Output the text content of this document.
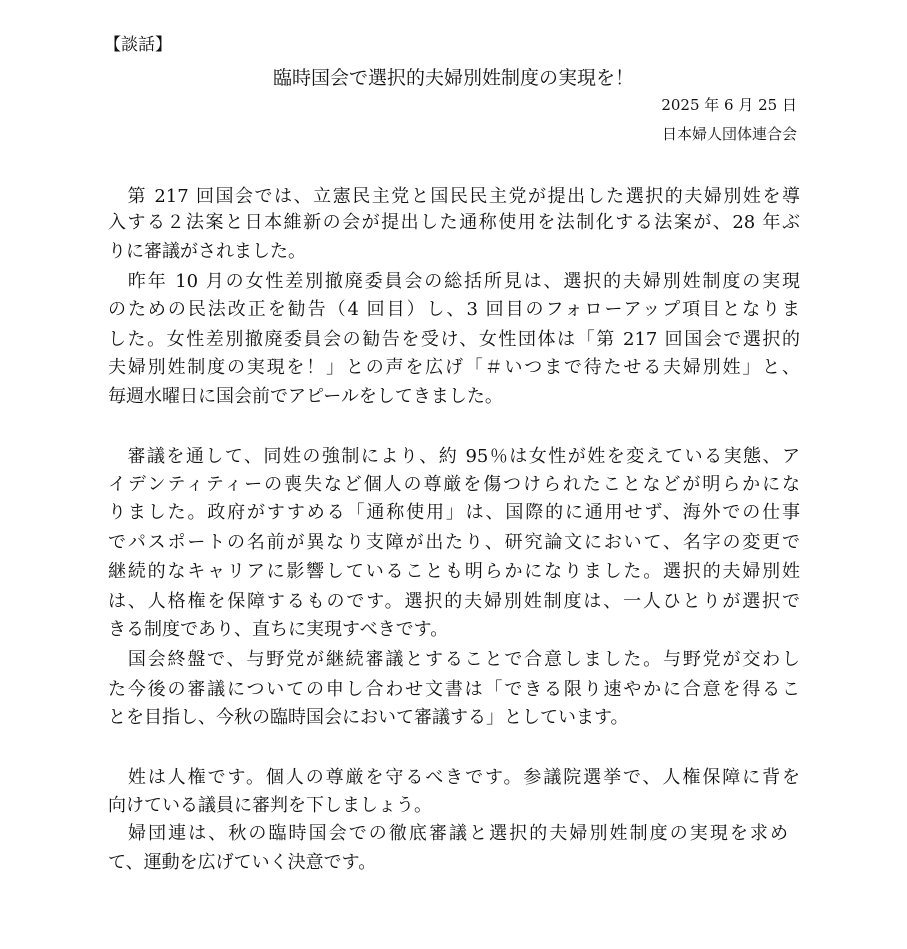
【談話】
臨時国会で選択的夫婦別姓制度の実現を！
2025 年 6 月 25 日
日本婦人団体連合会
　第 217 回国会では、立憲民主党と国民民主党が提出した選択的夫婦別姓を導
入する２法案と日本維新の会が提出した通称使用を法制化する法案が、28 年ぶ
りに審議がされました。
　昨年 10 月の女性差別撤廃委員会の総括所見は、選択的夫婦別姓制度の実現
のための民法改正を勧告（4 回目）し、3 回目のフォローアップ項目となりま
した。女性差別撤廃委員会の勧告を受け、女性団体は「第 217 回国会で選択的
夫婦別姓制度の実現を！」との声を広げ「＃いつまで待たせる夫婦別姓」と、
毎週水曜日に国会前でアピールをしてきました。
　審議を通して、同姓の強制により、約 95％は女性が姓を変えている実態、ア
イデンティティーの喪失など個人の尊厳を傷つけられたことなどが明らかにな
りました。政府がすすめる「通称使用」は、国際的に通用せず、海外での仕事
でパスポートの名前が異なり支障が出たり、研究論文において、名字の変更で
継続的なキャリアに影響していることも明らかになりました。選択的夫婦別姓
は、人格権を保障するものです。選択的夫婦別姓制度は、一人ひとりが選択で
きる制度であり、直ちに実現すべきです。
　国会終盤で、与野党が継続審議とすることで合意しました。与野党が交わし
た今後の審議についての申し合わせ文書は「できる限り速やかに合意を得るこ
とを目指し、今秋の臨時国会において審議する」としています。
　姓は人権です。個人の尊厳を守るべきです。参議院選挙で、人権保障に背を
向けている議員に審判を下しましょう。
　婦団連は、秋の臨時国会での徹底審議と選択的夫婦別姓制度の実現を求め
て、運動を広げていく決意です。
